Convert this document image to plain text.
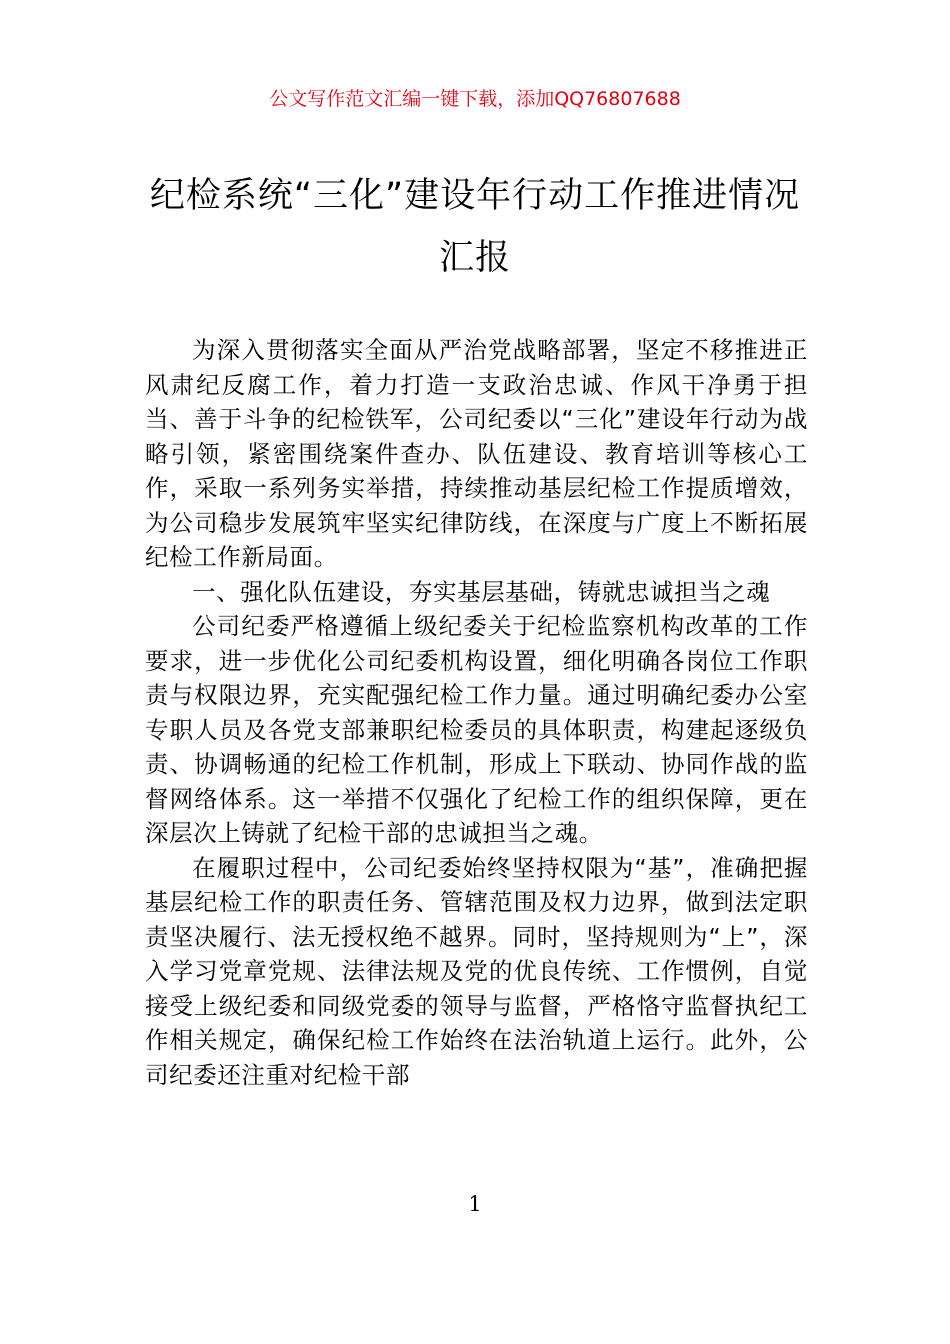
公文写作范文汇编一键下载，添加QQ76807688
纪检系统“三化”建设年行动工作推进情况汇报

为深入贯彻落实全面从严治党战略部署，坚定不移推进正风肃纪反腐工作，着力打造一支政治忠诚、作风干净勇于担当、善于斗争的纪检铁军，公司纪委以“三化”建设年行动为战略引领，紧密围绕案件查办、队伍建设、教育培训等核心工作，采取一系列务实举措，持续推动基层纪检工作提质增效，为公司稳步发展筑牢坚实纪律防线，在深度与广度上不断拓展纪检工作新局面。

一、强化队伍建设，夯实基层基础，铸就忠诚担当之魂

公司纪委严格遵循上级纪委关于纪检监察机构改革的工作要求，进一步优化公司纪委机构设置，细化明确各岗位工作职责与权限边界，充实配强纪检工作力量。通过明确纪委办公室专职人员及各党支部兼职纪检委员的具体职责，构建起逐级负责、协调畅通的纪检工作机制，形成上下联动、协同作战的监督网络体系。这一举措不仅强化了纪检工作的组织保障，更在深层次上铸就了纪检干部的忠诚担当之魂。

在履职过程中，公司纪委始终坚持权限为“基”，准确把握基层纪检工作的职责任务、管辖范围及权力边界，做到法定职责坚决履行、法无授权绝不越界。同时，坚持规则为“上”，深入学习党章党规、法律法规及党的优良传统、工作惯例，自觉接受上级纪委和同级党委的领导与监督，严格恪守监督执纪工作相关规定，确保纪检工作始终在法治轨道上运行。此外，公司纪委还注重对纪检干部

1
